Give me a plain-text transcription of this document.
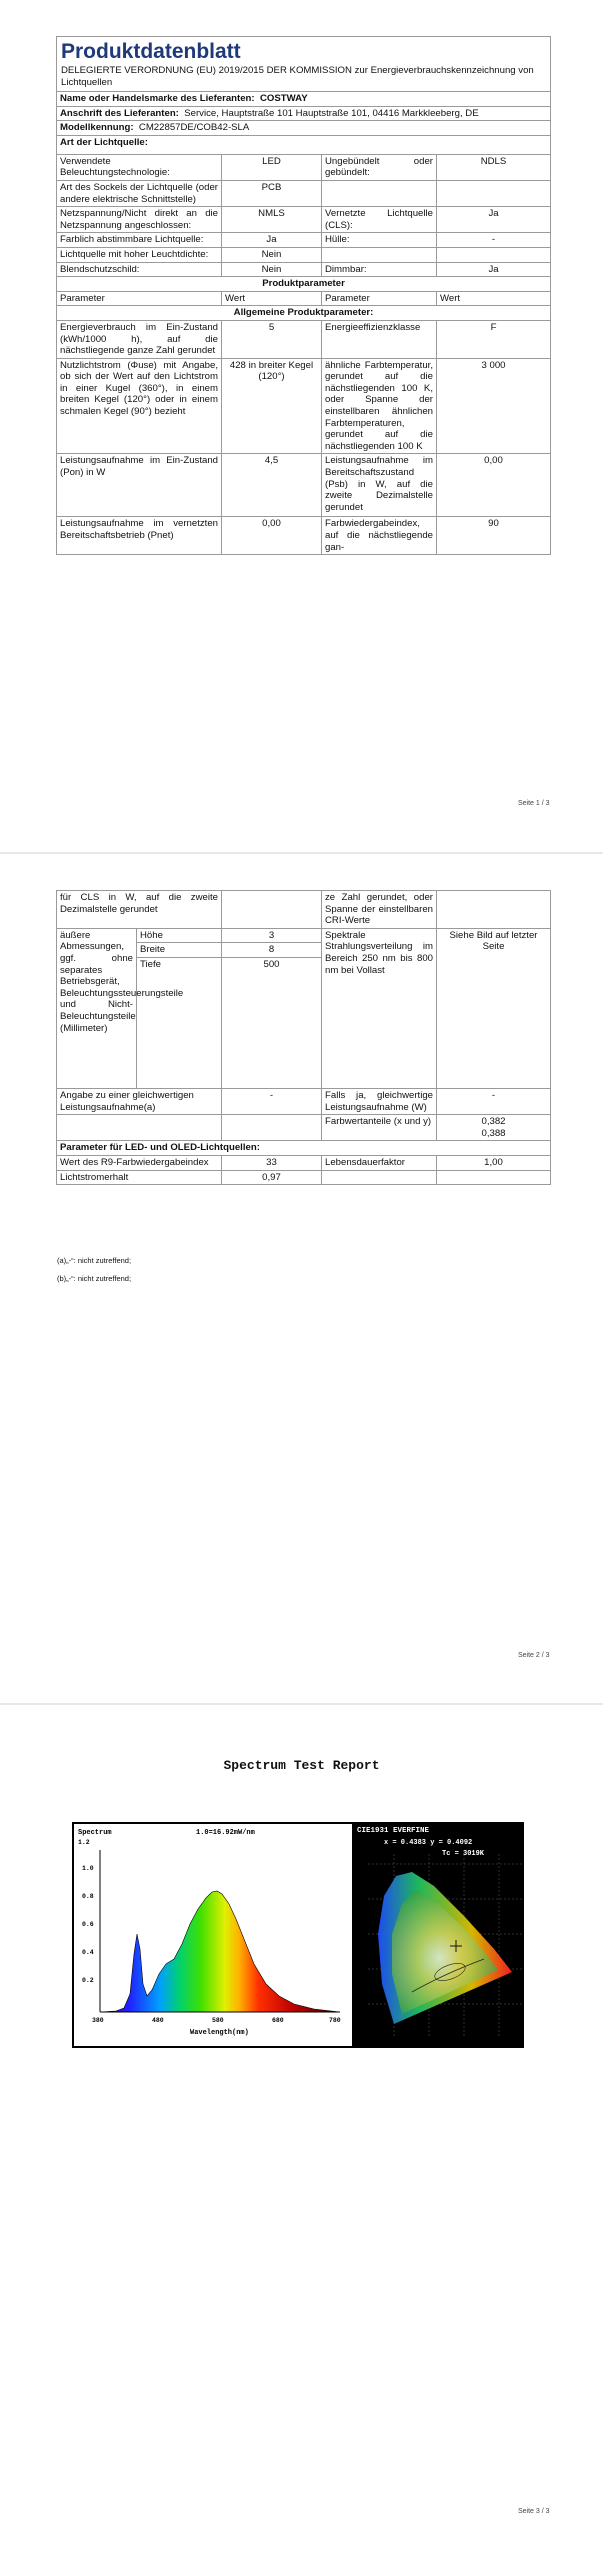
Produktdatenblatt
DELEGIERTE VERORDNUNG (EU) 2019/2015 DER KOMMISSION zur Energieverbrauchskennzeichnung von Lichtquellen			

Name oder Handelsmarke des Lieferanten: COSTWAY			
Anschrift des Lieferanten: Service, Hauptstraße 101 Hauptstraße 101, 04416 Markkleeberg, DE			
Modellkennung: CM22857DE/COB42-SLA			
Art der Lichtquelle:			
Verwendete Beleuchtungstechnologie:	LED	Ungebündelt oder gebündelt:	NDLS
Art des Sockels der Lichtquelle (oder andere elektrische Schnittstelle)	PCB		
Netzspannung/Nicht direkt an die Netzspannung angeschlossen:	NMLS	Vernetzte Lichtquelle (CLS):	Ja
Farblich abstimmbare Lichtquelle:	Ja	Hülle:	-
Lichtquelle mit hoher Leuchtdichte:	Nein		
Blendschutzschild:	Nein	Dimmbar:	Ja
Produktparameter			
Parameter	Wert	Parameter	Wert
Allgemeine Produktparameter:			
Energieverbrauch im Ein-Zustand (kWh/1000 h), auf die nächstliegende ganze Zahl gerundet	5	Energieeffizienzklasse	F
Nutzlichtstrom (Φuse) mit Angabe, ob sich der Wert auf den Lichtstrom in einer Kugel (360°), in einem breiten Kegel (120°) oder in einem schmalen Kegel (90°) bezieht	428 in breiter Kegel (120°)	ähnliche Farbtemperatur, gerundet auf die nächstliegenden 100 K, oder Spanne der einstellbaren ähnlichen Farbtemperaturen, gerundet auf die nächstliegenden 100 K	3 000
Leistungsaufnahme im Ein-Zustand (Pon) in W	4,5	Leistungsaufnahme im Bereitschaftszustand (Psb) in W, auf die zweite Dezimalstelle gerundet	0,00
Leistungsaufnahme im vernetzten Bereitschaftsbetrieb (Pnet)	0,00	Farbwiedergabeindex, auf die nächstliegende gan-	90
Seite 1 / 3
für CLS in W, auf die zweite Dezimalstelle gerundet			ze Zahl gerundet, oder Spanne der einstellbaren CRI-Werte	
äußere Abmessungen, ggf. ohne separates Betriebsgerät, Beleuchtungssteuerungsteile und Nicht-Beleuchtungsteile (Millimeter)	Höhe	3	Spektrale Strahlungsverteilung im Bereich 250 nm bis 800 nm bei Vollast	Siehe Bild auf letzter Seite
	Breite	8		
	Tiefe	500		
Angabe zu einer gleichwertigen Leistungsaufnahme(a)		-	Falls ja, gleichwertige Leistungsaufnahme (W)	-
			Farbwertanteile (x und y)	0,382
0,388

Parameter für LED- und OLED-Lichtquellen:				
Wert des R9-Farbwiedergabeindex		33	Lebensdauerfaktor	1,00
Lichtstromerhalt		0,97		
(a)„-“: nicht zutreffend;
(b)„-“: nicht zutreffend;
Seite 2 / 3
Spectrum Test Report
Spectrum	1.0=16.92mW/nm
1.2
1.0
0.8
0.6
0.4
0.2
380	480	580	680	780
Wavelength(nm)
CIE1931 EVERFINE
x = 0.4383 y = 0.4092
Tc = 3019K
Seite 3 / 3
